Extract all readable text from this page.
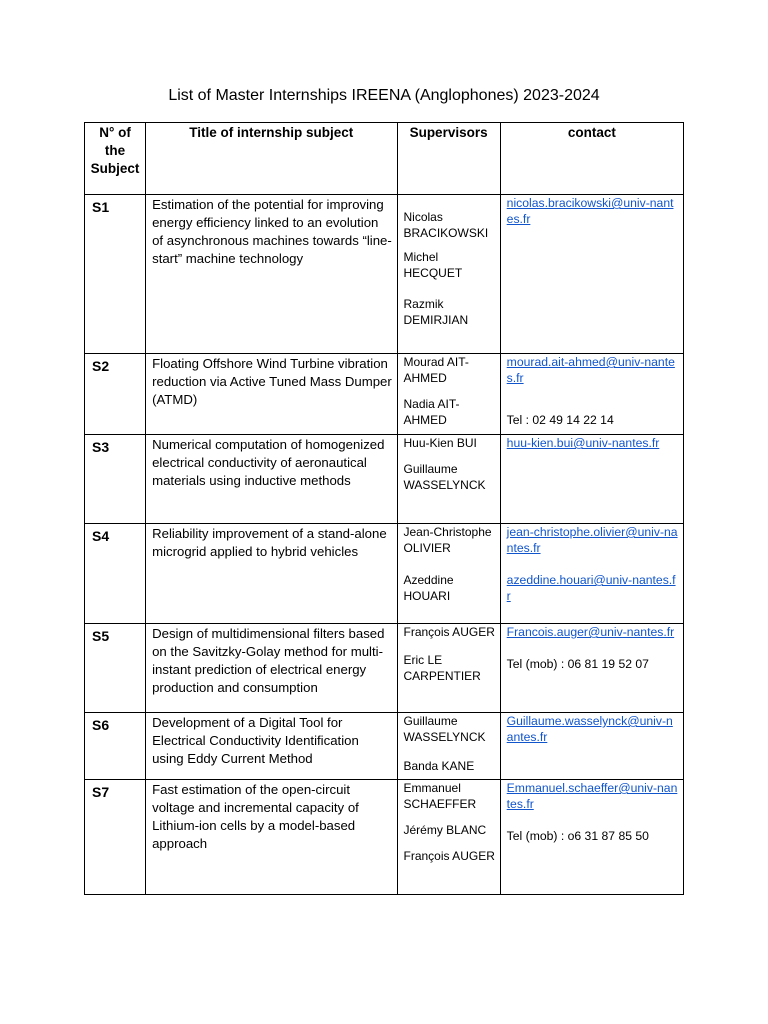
List of Master Internships IREENA (Anglophones) 2023-2024
N° of the Subject	Title of internship subject	Supervisors	contact

S1	Estimation of the potential for improving energy efficiency linked to an evolution of asynchronous machines towards “line-start” machine technology	Nicolas BRACIKOWSKI
Michel HECQUET
Razmik DEMIRJIAN	nicolas.bracikowski@univ-nantes.fr

S2	Floating Offshore Wind Turbine vibration reduction via Active Tuned Mass Dumper (ATMD)	Mourad AIT-AHMED
Nadia AIT-AHMED	mourad.ait-ahmed@univ-nantes.fr
Tel : 02 49 14 22 14

S3	Numerical computation of homogenized electrical conductivity of aeronautical materials using inductive methods	Huu-Kien BUI
Guillaume WASSELYNCK	huu-kien.bui@univ-nantes.fr

S4	Reliability improvement of a stand-alone microgrid applied to hybrid vehicles	Jean-Christophe OLIVIER
Azeddine HOUARI	jean-christophe.olivier@univ-nantes.fr
azeddine.houari@univ-nantes.fr

S5	Design of multidimensional filters based on the Savitzky-Golay method for multi-instant prediction of electrical energy production and consumption	François AUGER
Eric LE CARPENTIER	Francois.auger@univ-nantes.fr
Tel (mob) : 06 81 19 52 07

S6	Development of a Digital Tool for Electrical Conductivity Identification using Eddy Current Method	Guillaume WASSELYNCK
Banda KANE	Guillaume.wasselynck@univ-nantes.fr

S7	Fast estimation of the open-circuit voltage and incremental capacity of Lithium-ion cells by a model-based approach	Emmanuel SCHAEFFER
Jérémy BLANC
François AUGER	Emmanuel.schaeffer@univ-nantes.fr
Tel (mob) : o6 31 87 85 50
